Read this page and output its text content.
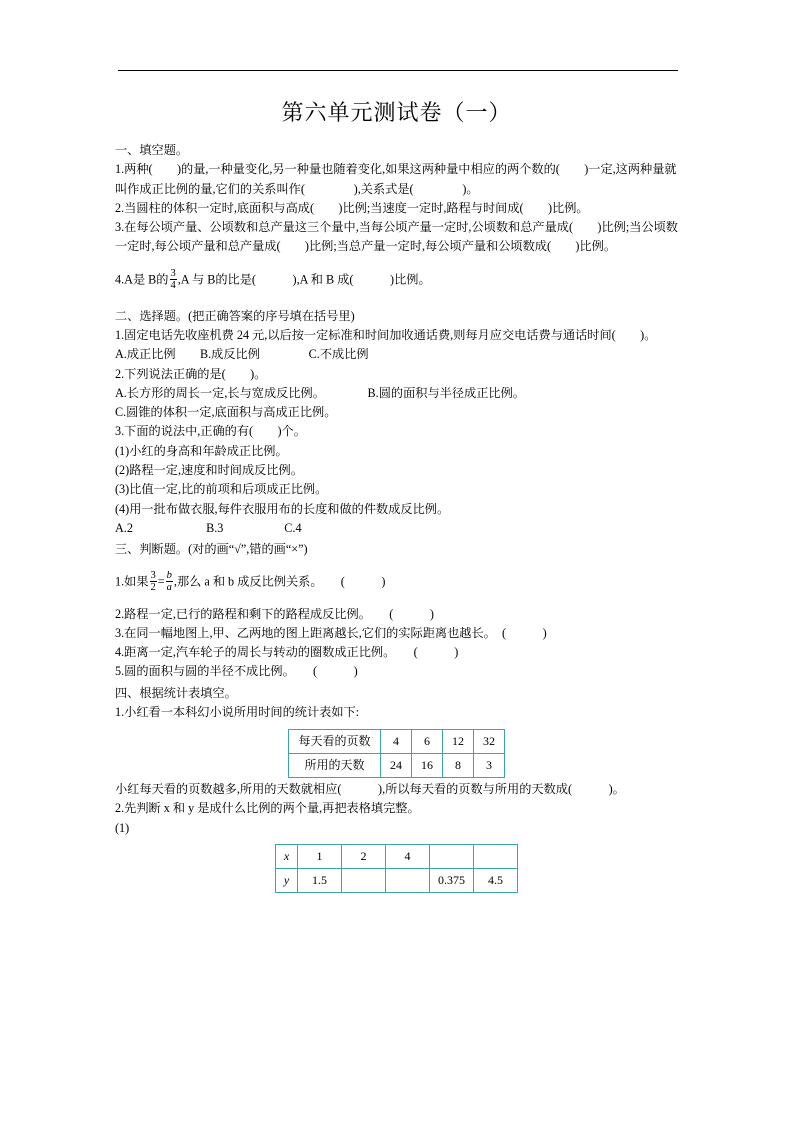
第六单元测试卷（一）

一、填空题。

1.两种(　　)的量,一种量变化,另一种量也随着变化,如果这两种量中相应的两个数的(　　)一定,这两种量就叫作成正比例的量,它们的关系叫作(　　　　),关系式是(　　　　)。

2.当圆柱的体积一定时,底面积与高成(　　)比例;当速度一定时,路程与时间成(　　)比例。

3.在每公顷产量、公顷数和总产量这三个量中,当每公顷产量一定时,公顷数和总产量成(　　)比例;当公顷数一定时,每公顷产量和总产量成(　　)比例;当总产量一定时,每公顷产量和公顷数成(　　)比例。

4.A是 B的 $\frac{3}{4} ,A$ 与 B的比是(　　　),A 和 B 成(　　　)比例。

二、选择题。(把正确答案的序号填在括号里)

1.固定电话先收座机费 24 元,以后按一定标准和时间加收通话费,则每月应交电话费与通话时间(　　)。

A.成正比例　　B.成反比例　　　　C.不成比例

2.下列说法正确的是(　　)。

A.长方形的周长一定,长与宽成反比例。　　　　B.圆的面积与半径成正比例。

C.圆锥的体积一定,底面积与高成正比例。

3.下面的说法中,正确的有(　　)个。

(1)小红的身高和年龄成正比例。

(2)路程一定,速度和时间成反比例。

(3)比值一定,比的前项和后项成正比例。

(4)用一批布做衣服,每件衣服用布的长度和做的件数成反比例。

A.2　　　　　　B.3　　　　　C.4

三、判断题。(对的画“√”,错的画“×”)

1.如果 $\frac{3}{2} = \frac{b}{a}$ ,那么 a 和 b 成反比例关系。　　(　　　)

2.路程一定,已行的路程和剩下的路程成反比例。　　(　　　)

3.在同一幅地图上,甲、乙两地的图上距离越长,它们的实际距离也越长。　(　　　)

4.距离一定,汽车轮子的周长与转动的圈数成正比例。　　(　　　)

5.圆的面积与圆的半径不成比例。　　(　　　)

四、根据统计表填空。

1.小红看一本科幻小说所用时间的统计表如下:

每天看的页数	4	6	12	32
所用的天数	24	16	8	3

小红每天看的页数越多,所用的天数就相应(　　　),所以每天看的页数与所用的天数成(　　　)。

2.先判断 x 和 y 是成什么比例的两个量,再把表格填完整。

(1)

x	1	2	4		
y	1.5			0.375	4.5
